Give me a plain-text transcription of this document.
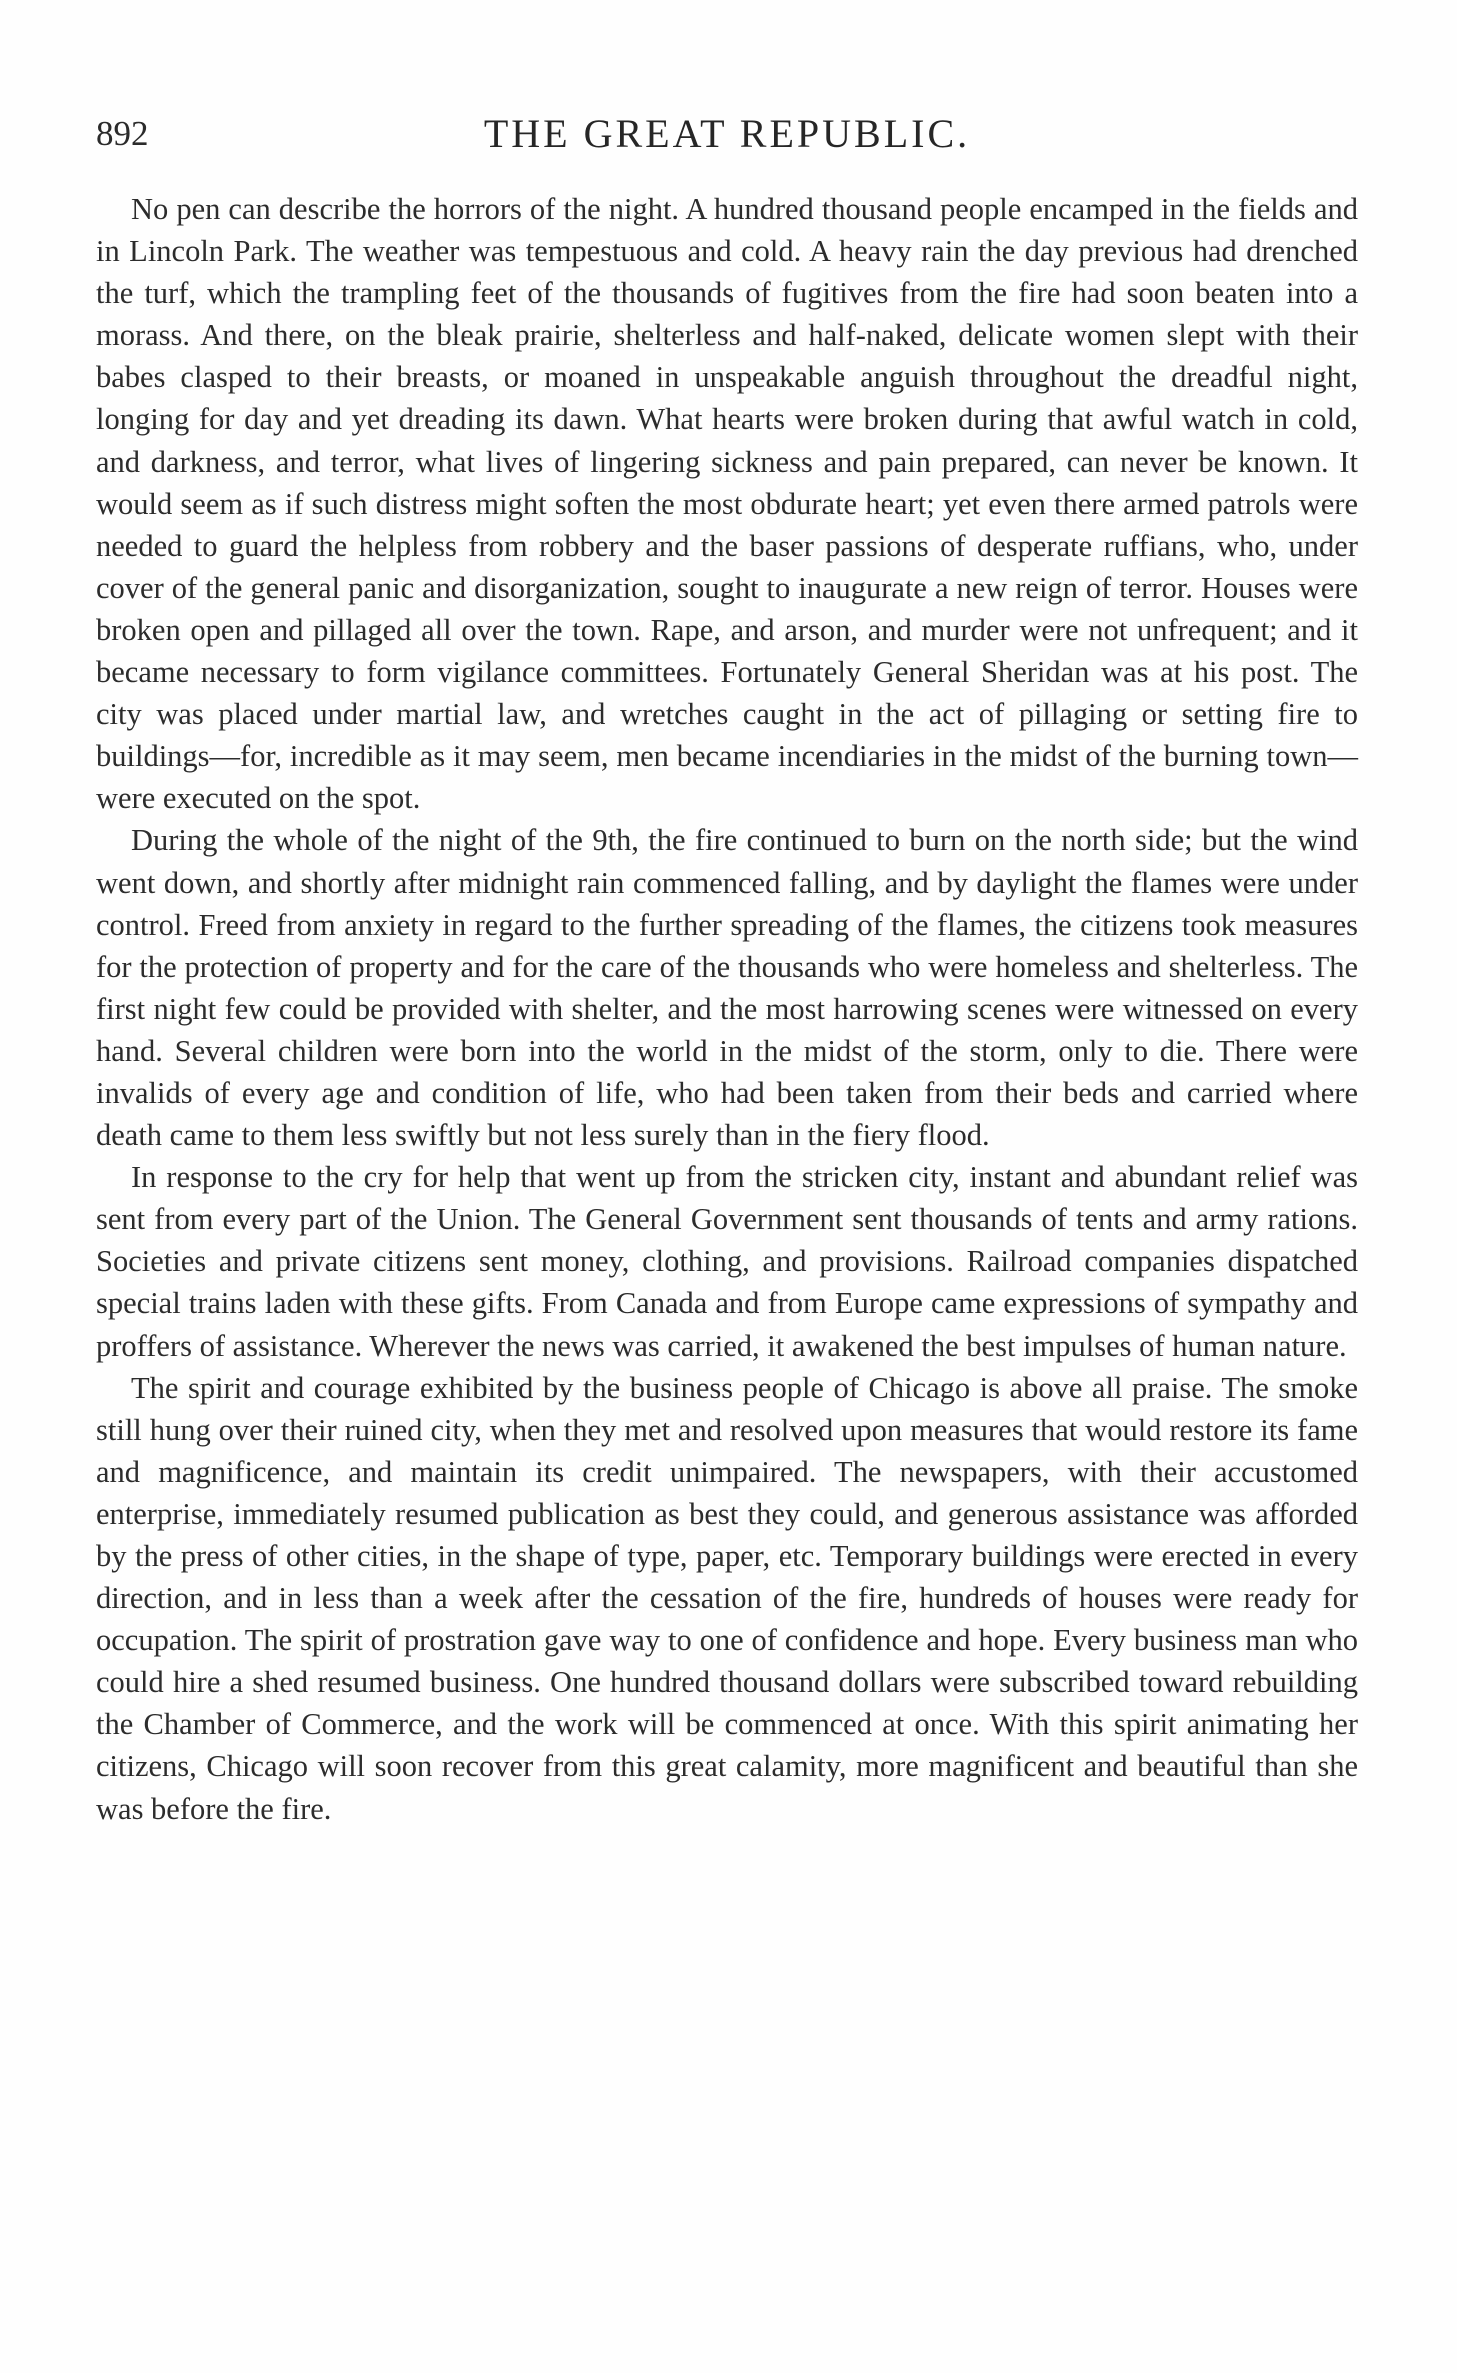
892	THE GREAT REPUBLIC.

No pen can describe the horrors of the night. A hundred thousand people encamped in the fields and in Lincoln Park. The weather was tempestuous and cold. A heavy rain the day previous had drenched the turf, which the trampling feet of the thousands of fugitives from the fire had soon beaten into a morass. And there, on the bleak prairie, shelterless and half-naked, delicate women slept with their babes clasped to their breasts, or moaned in unspeakable anguish throughout the dreadful night, longing for day and yet dreading its dawn. What hearts were broken during that awful watch in cold, and darkness, and terror, what lives of lingering sickness and pain prepared, can never be known. It would seem as if such distress might soften the most obdurate heart; yet even there armed patrols were needed to guard the helpless from robbery and the baser passions of desperate ruffians, who, under cover of the general panic and disorganization, sought to inaugurate a new reign of terror. Houses were broken open and pillaged all over the town. Rape, and arson, and murder were not unfrequent; and it became necessary to form vigilance committees. Fortunately General Sheridan was at his post. The city was placed under martial law, and wretches caught in the act of pillaging or setting fire to buildings—for, incredible as it may seem, men became incendiaries in the midst of the burning town—were executed on the spot.

During the whole of the night of the 9th, the fire continued to burn on the north side; but the wind went down, and shortly after midnight rain commenced falling, and by daylight the flames were under control. Freed from anxiety in regard to the further spreading of the flames, the citizens took measures for the protection of property and for the care of the thousands who were homeless and shelterless. The first night few could be provided with shelter, and the most harrowing scenes were witnessed on every hand. Several children were born into the world in the midst of the storm, only to die. There were invalids of every age and condition of life, who had been taken from their beds and carried where death came to them less swiftly but not less surely than in the fiery flood.

In response to the cry for help that went up from the stricken city, instant and abundant relief was sent from every part of the Union. The General Government sent thousands of tents and army rations. Societies and private citizens sent money, clothing, and provisions. Railroad companies dispatched special trains laden with these gifts. From Canada and from Europe came expressions of sympathy and proffers of assistance. Wherever the news was carried, it awakened the best impulses of human nature.

The spirit and courage exhibited by the business people of Chicago is above all praise. The smoke still hung over their ruined city, when they met and resolved upon measures that would restore its fame and magnificence, and maintain its credit unimpaired. The newspapers, with their accustomed enterprise, immediately resumed publication as best they could, and generous assistance was afforded by the press of other cities, in the shape of type, paper, etc. Temporary buildings were erected in every direction, and in less than a week after the cessation of the fire, hundreds of houses were ready for occupation. The spirit of prostration gave way to one of confidence and hope. Every business man who could hire a shed resumed business. One hundred thousand dollars were subscribed toward rebuilding the Chamber of Commerce, and the work will be commenced at once. With this spirit animating her citizens, Chicago will soon recover from this great calamity, more magnificent and beautiful than she was before the fire.
